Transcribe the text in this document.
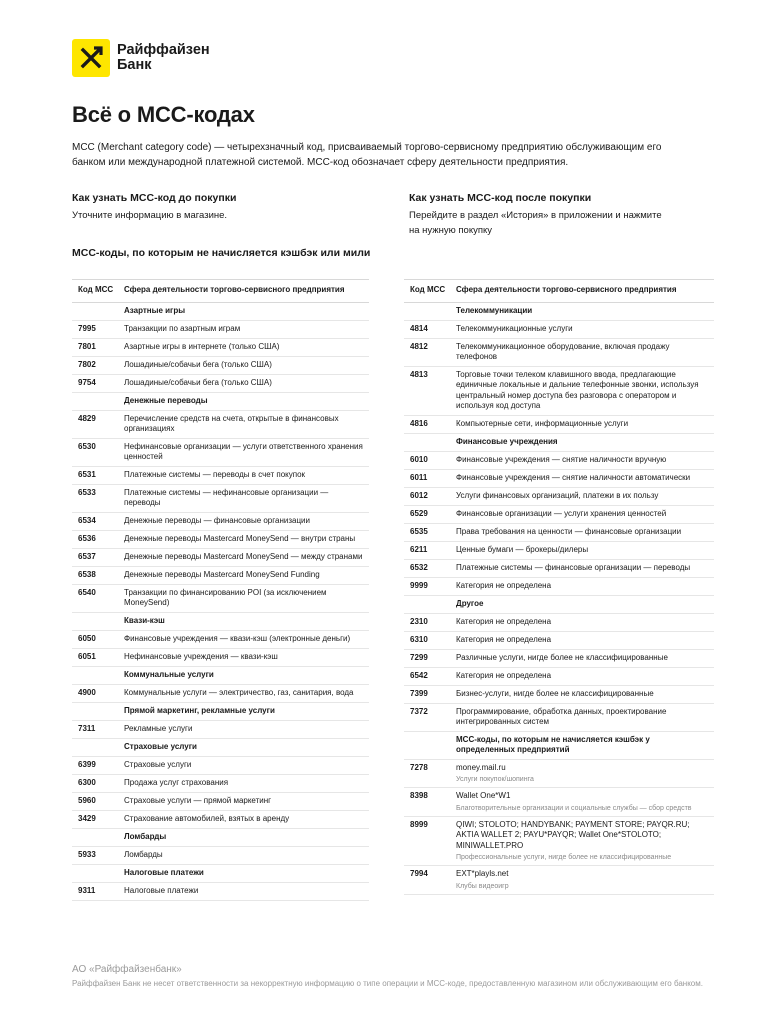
Райффайзен
Банк
Всё о МСС-кодах

МСС (Merchant category code) — четырехзначный код, присваиваемый торгово-сервисному предприятию обслуживающим его банком или международной платежной системой. МСС-код обозначает сферу деятельности предприятия.

Как узнать МСС-код до покупки

Уточните информацию в магазине.

Как узнать МСС-код после покупки

Перейдите в раздел «История» в приложении и нажмите на нужную покупку

МСС-коды, по которым не начисляется кэшбэк или мили
Код МСС	Сфера деятельности торгово-сервисного предприятия
Азартные игры
7995	Транзакции по азартным играм
7801	Азартные игры в интернете (только США)
7802	Лошадиные/собачьи бега (только США)
9754	Лошадиные/собачьи бега (только США)
Денежные переводы
4829	Перечисление средств на счета, открытые в финансовых организациях
6530	Нефинансовые организации — услуги ответственного хранения ценностей
6531	Платежные системы — переводы в счет покупок
6533	Платежные системы — нефинансовые организации — переводы
6534	Денежные переводы — финансовые организации
6536	Денежные переводы Mastercard MoneySend — внутри страны
6537	Денежные переводы Mastercard MoneySend — между странами
6538	Денежные переводы Mastercard MoneySend Funding
6540	Транзакции по финансированию POI (за исключением MoneySend)
Квази-кэш
6050	Финансовые учреждения — квази-кэш (электронные деньги)
6051	Нефинансовые учреждения — квази-кэш
Коммунальные услуги
4900	Коммунальные услуги — электричество, газ, санитария, вода
Прямой маркетинг, рекламные услуги
7311	Рекламные услуги
Страховые услуги
6399	Страховые услуги
6300	Продажа услуг страхования
5960	Страховые услуги — прямой маркетинг
3429	Страхование автомобилей, взятых в аренду
Ломбарды
5933	Ломбарды
Налоговые платежи
9311	Налоговые платежи
Код МСС	Сфера деятельности торгово-сервисного предприятия
Телекоммуникации
4814	Телекоммуникационные услуги
4812	Телекоммуникационное оборудование, включая продажу телефонов
4813	Торговые точки телеком клавишного ввода, предлагающие единичные локальные и дальние телефонные звонки, используя центральный номер доступа без разговора с оператором и используя код доступа
4816	Компьютерные сети, информационные услуги
Финансовые учреждения
6010	Финансовые учреждения — снятие наличности вручную
6011	Финансовые учреждения — снятие наличности автоматически
6012	Услуги финансовых организаций, платежи в их пользу
6529	Финансовые организации — услуги хранения ценностей
6535	Права требования на ценности — финансовые организации
6211	Ценные бумаги — брокеры/дилеры
6532	Платежные системы — финансовые организации — переводы
9999	Категория не определена
Другое
2310	Категория не определена
6310	Категория не определена
7299	Различные услуги, нигде более не классифицированные
6542	Категория не определена
7399	Бизнес-услуги, нигде более не классифицированные
7372	Программирование, обработка данных, проектирование интегрированных систем
МСС-коды, по которым не начисляется кэшбэк у определенных предприятий
7278	money.mail.ru
Услуги покупок/шопинга
8398	Wallet One*W1
Благотворительные организации и социальные службы — сбор средств
8999	QIWI; STOLOTO; HANDYBANK; PAYMENT STORE; PAYQR.RU; AKTIA WALLET 2; PAYU*PAYQR; Wallet One*STOLOTO; MINIWALLET.PRO
Профессиональные услуги, нигде более не классифицированные
7994	EXT*playls.net
Клубы видеоигр
АО «Райффайзенбанк»
Райффайзен Банк не несет ответственности за некорректную информацию о типе операции и МСС-коде, предоставленную магазином или обслуживающим его банком.
